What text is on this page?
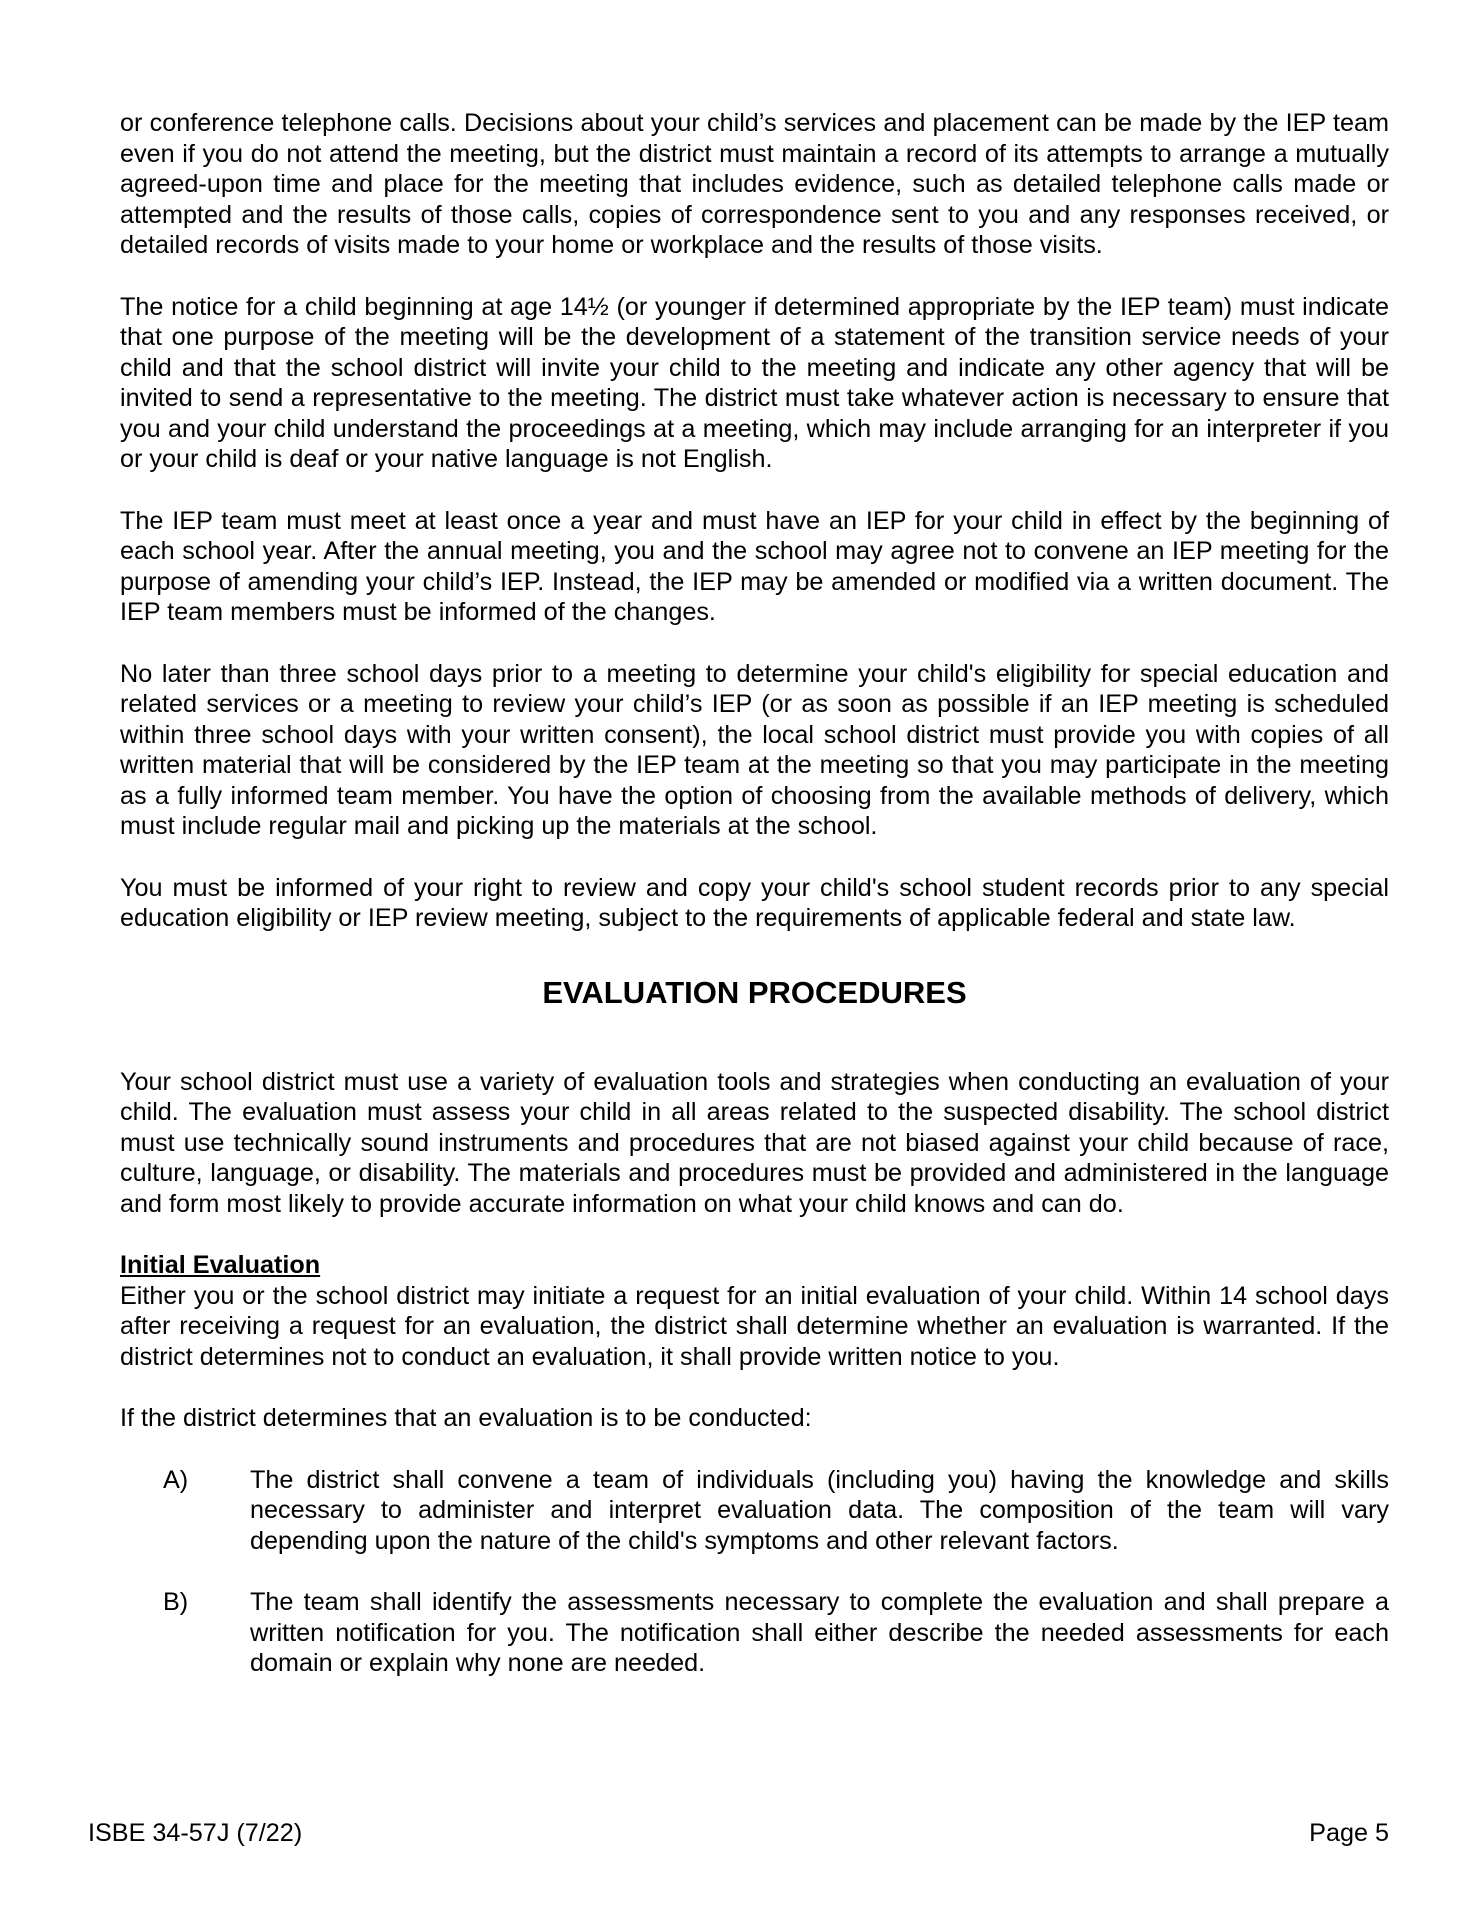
or conference telephone calls. Decisions about your child’s services and placement can be made by the IEP team even if you do not attend the meeting, but the district must maintain a record of its attempts to arrange a mutually agreed-upon time and place for the meeting that includes evidence, such as detailed telephone calls made or attempted and the results of those calls, copies of correspondence sent to you and any responses received, or detailed records of visits made to your home or workplace and the results of those visits.

The notice for a child beginning at age 14½ (or younger if determined appropriate by the IEP team) must indicate that one purpose of the meeting will be the development of a statement of the transition service needs of your child and that the school district will invite your child to the meeting and indicate any other agency that will be invited to send a representative to the meeting. The district must take whatever action is necessary to ensure that you and your child understand the proceedings at a meeting, which may include arranging for an interpreter if you or your child is deaf or your native language is not English.

The IEP team must meet at least once a year and must have an IEP for your child in effect by the beginning of each school year. After the annual meeting, you and the school may agree not to convene an IEP meeting for the purpose of amending your child’s IEP. Instead, the IEP may be amended or modified via a written document. The IEP team members must be informed of the changes.

No later than three school days prior to a meeting to determine your child's eligibility for special education and related services or a meeting to review your child’s IEP (or as soon as possible if an IEP meeting is scheduled within three school days with your written consent), the local school district must provide you with copies of all written material that will be considered by the IEP team at the meeting so that you may participate in the meeting as a fully informed team member. You have the option of choosing from the available methods of delivery, which must include regular mail and picking up the materials at the school.

You must be informed of your right to review and copy your child's school student records prior to any special education eligibility or IEP review meeting, subject to the requirements of applicable federal and state law.

EVALUATION PROCEDURES

Your school district must use a variety of evaluation tools and strategies when conducting an evaluation of your child. The evaluation must assess your child in all areas related to the suspected disability. The school district must use technically sound instruments and procedures that are not biased against your child because of race, culture, language, or disability. The materials and procedures must be provided and administered in the language and form most likely to provide accurate information on what your child knows and can do.

Initial Evaluation

Either you or the school district may initiate a request for an initial evaluation of your child. Within 14 school days after receiving a request for an evaluation, the district shall determine whether an evaluation is warranted. If the district determines not to conduct an evaluation, it shall provide written notice to you.

If the district determines that an evaluation is to be conducted:

A)	The district shall convene a team of individuals (including you) having the knowledge and skills necessary to administer and interpret evaluation data. The composition of the team will vary depending upon the nature of the child's symptoms and other relevant factors.
B)	The team shall identify the assessments necessary to complete the evaluation and shall prepare a written notification for you. The notification shall either describe the needed assessments for each domain or explain why none are needed.
ISBE 34-57J (7/22)	Page 5
